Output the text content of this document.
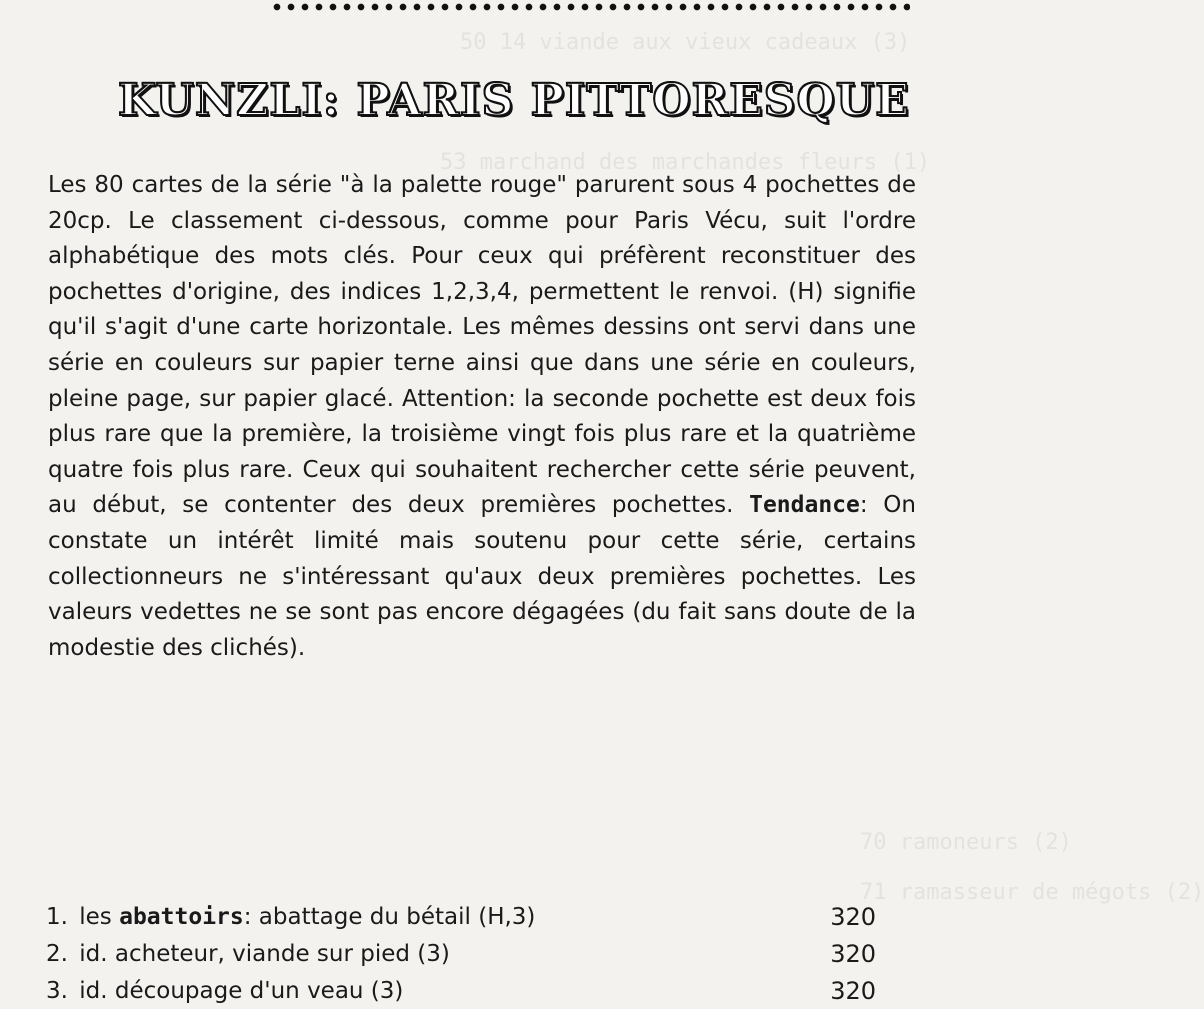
50 14 viande aux vieux cadeaux (3)
53 marchand des marchandes fleurs (1)
70 ramoneurs (2)
71 ramasseur de mégots (2)
KUNZLI: PARIS PITTORESQUE

Les 80 cartes de la série "à la palette rouge" parurent sous 4 pochettes de 20cp. Le classement ci-dessous, comme pour Paris Vécu, suit l'ordre alphabétique des mots clés. Pour ceux qui préfèrent reconstituer des pochettes d'origine, des indices 1,2,3,4, permettent le renvoi. (H) signifie qu'il s'agit d'une carte horizontale. Les mêmes dessins ont servi dans une série en couleurs sur papier terne ainsi que dans une série en couleurs, pleine page, sur papier glacé. Attention: la seconde pochette est deux fois plus rare que la première, la troisième vingt fois plus rare et la quatrième quatre fois plus rare. Ceux qui souhaitent rechercher cette série peuvent, au début, se contenter des deux premières pochettes. Tendance: On constate un intérêt limité mais soutenu pour cette série, certains collectionneurs ne s'intéressant qu'aux deux premières pochettes. Les valeurs vedettes ne se sont pas encore dégagées (du fait sans doute de la modestie des clichés).

1. les abattoirs: abattage du bétail (H,3)	320
2. id. acheteur, viande sur pied (3)	320
3. id. découpage d'un veau (3)	320
